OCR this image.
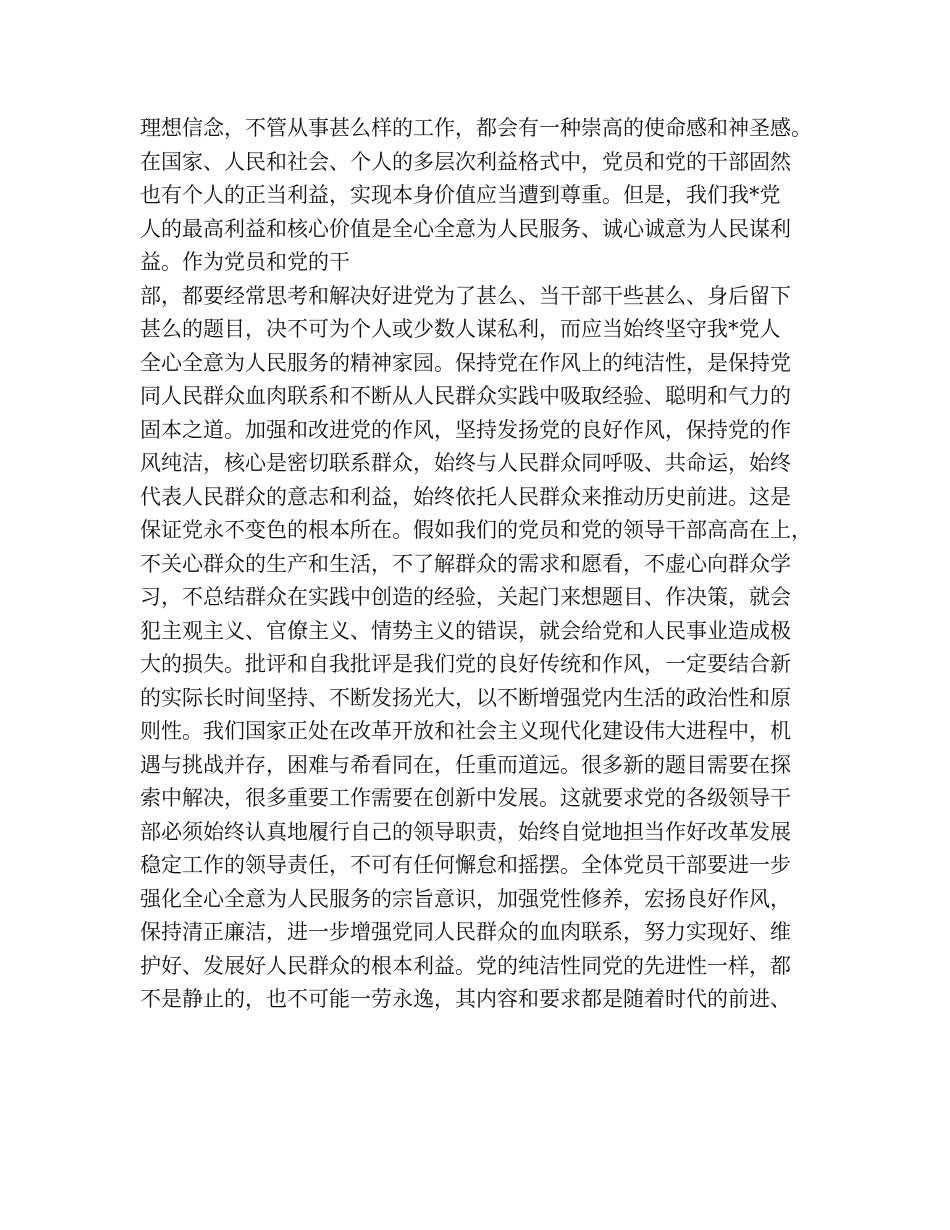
理想信念，不管从事甚么样的工作，都会有一种崇高的使命感和神圣感。
在国家、人民和社会、个人的多层次利益格式中，党员和党的干部固然
也有个人的正当利益，实现本身价值应当遭到尊重。但是，我们我*党
人的最高利益和核心价值是全心全意为人民服务、诚心诚意为人民谋利
益。作为党员和党的干
部，都要经常思考和解决好进党为了甚么、当干部干些甚么、身后留下
甚么的题目，决不可为个人或少数人谋私利，而应当始终坚守我*党人
全心全意为人民服务的精神家园。保持党在作风上的纯洁性，是保持党
同人民群众血肉联系和不断从人民群众实践中吸取经验、聪明和气力的
固本之道。加强和改进党的作风，坚持发扬党的良好作风，保持党的作
风纯洁，核心是密切联系群众，始终与人民群众同呼吸、共命运，始终
代表人民群众的意志和利益，始终依托人民群众来推动历史前进。这是
保证党永不变色的根本所在。假如我们的党员和党的领导干部高高在上，
不关心群众的生产和生活，不了解群众的需求和愿看，不虚心向群众学
习，不总结群众在实践中创造的经验，关起门来想题目、作决策，就会
犯主观主义、官僚主义、情势主义的错误，就会给党和人民事业造成极
大的损失。批评和自我批评是我们党的良好传统和作风，一定要结合新
的实际长时间坚持、不断发扬光大，以不断增强党内生活的政治性和原
则性。我们国家正处在改革开放和社会主义现代化建设伟大进程中，机
遇与挑战并存，困难与希看同在，任重而道远。很多新的题目需要在探
索中解决，很多重要工作需要在创新中发展。这就要求党的各级领导干
部必须始终认真地履行自己的领导职责，始终自觉地担当作好改革发展
稳定工作的领导责任，不可有任何懈怠和摇摆。全体党员干部要进一步
强化全心全意为人民服务的宗旨意识，加强党性修养，宏扬良好作风，
保持清正廉洁，进一步增强党同人民群众的血肉联系，努力实现好、维
护好、发展好人民群众的根本利益。党的纯洁性同党的先进性一样，都
不是静止的，也不可能一劳永逸，其内容和要求都是随着时代的前进、
